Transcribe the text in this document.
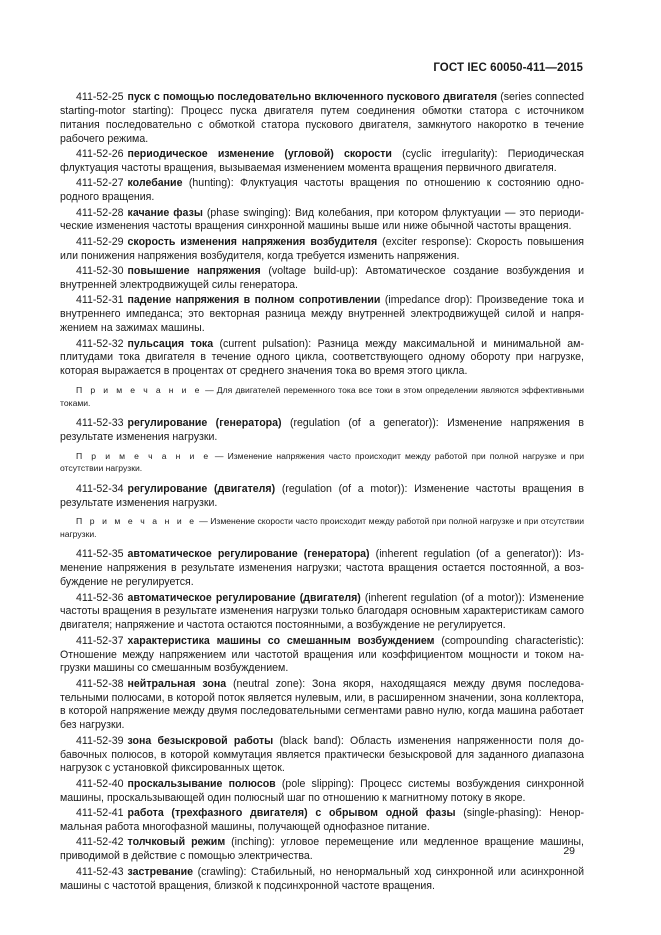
ГОСТ IEC 60050-411—2015

411-52-25 пуск с помощью последовательно включенного пускового двигателя (series connected starting-motor starting): Процесс пуска двигателя путем соединения обмотки статора с источником питания последовательно с обмоткой статора пускового двигателя, замкнутого накоротко в течение рабочего режима.

411-52-26 периодическое изменение (угловой) скорости (cyclic irregularity): Периодическая флуктуация частоты вращения, вызываемая изменением момента вращения первичного двигателя.

411-52-27 колебание (hunting): Флуктуация частоты вращения по отношению к состоянию однородного вращения.

411-52-28 качание фазы (phase swinging): Вид колебания, при котором флуктуации — это периодические изменения частоты вращения синхронной машины выше или ниже обычной частоты вращения.

411-52-29 скорость изменения напряжения возбудителя (exciter response): Скорость повышения или понижения напряжения возбудителя, когда требуется изменить напряжения.

411-52-30 повышение напряжения (voltage build-up): Автоматическое создание возбуждения и внутренней электродвижущей силы генератора.

411-52-31 падение напряжения в полном сопротивлении (impedance drop): Произведение тока и внутреннего импеданса; это векторная разница между внутренней электродвижущей силой и напряжением на зажимах машины.

411-52-32 пульсация тока (current pulsation): Разница между максимальной и минимальной амплитудами тока двигателя в течение одного цикла, соответствующего одному обороту при нагрузке, которая выражается в процентах от среднего значения тока во время этого цикла.

П р и м е ч а н и е — Для двигателей переменного тока все токи в этом определении являются эффективными токами.

411-52-33 регулирование (генератора) (regulation (of a generator)): Изменение напряжения в результате изменения нагрузки.

П р и м е ч а н и е — Изменение напряжения часто происходит между работой при полной нагрузке и при отсутствии нагрузки.

411-52-34 регулирование (двигателя) (regulation (of a motor)): Изменение частоты вращения в результате изменения нагрузки.

П р и м е ч а н и е — Изменение скорости часто происходит между работой при полной нагрузке и при отсутствии нагрузки.

411-52-35 автоматическое регулирование (генератора) (inherent regulation (of a generator)): Изменение напряжения в результате изменения нагрузки; частота вращения остается постоянной, а возбуждение не регулируется.

411-52-36 автоматическое регулирование (двигателя) (inherent regulation (of a motor)): Изменение частоты вращения в результате изменения нагрузки только благодаря основным характеристикам самого двигателя; напряжение и частота остаются постоянными, а возбуждение не регулируется.

411-52-37 характеристика машины со смешанным возбуждением (compounding characteristic): Отношение между напряжением или частотой вращения или коэффициентом мощности и током нагрузки машины со смешанным возбуждением.

411-52-38 нейтральная зона (neutral zone): Зона якоря, находящаяся между двумя последовательными полюсами, в которой поток является нулевым, или, в расширенном значении, зона коллектора, в которой напряжение между двумя последовательными сегментами равно нулю, когда машина работает без нагрузки.

411-52-39 зона безыскровой работы (black band): Область изменения напряженности поля добавочных полюсов, в которой коммутация является практически безыскровой для заданного диапазона нагрузок с установкой фиксированных щеток.

411-52-40 проскальзывание полюсов (pole slipping): Процесс системы возбуждения синхронной машины, проскальзывающей один полюсный шаг по отношению к магнитному потоку в якоре.

411-52-41 работа (трехфазного двигателя) с обрывом одной фазы (single-phasing): Ненормальная работа многофазной машины, получающей однофазное питание.

411-52-42 толчковый режим (inching): угловое перемещение или медленное вращение машины, приводимой в действие с помощью электричества.

411-52-43 застревание (crawling): Стабильный, но ненормальный ход синхронной или асинхронной машины с частотой вращения, близкой к подсинхронной частоте вращения.

29
